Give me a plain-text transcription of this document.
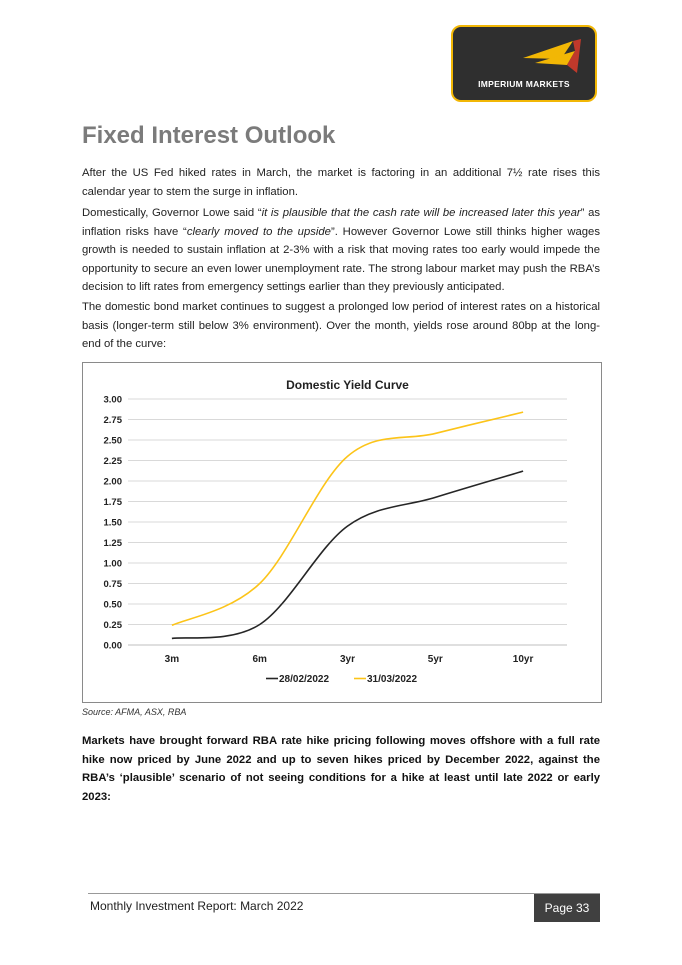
IMPERIUM MARKETS
Fixed Interest Outlook

After the US Fed hiked rates in March, the market is factoring in an additional 7½ rate rises this calendar year to stem the surge in inflation.

Domestically, Governor Lowe said “it is plausible that the cash rate will be increased later this year” as inflation risks have “clearly moved to the upside”. However Governor Lowe still thinks higher wages growth is needed to sustain inflation at 2-3% with a risk that moving rates too early would impede the opportunity to secure an even lower unemployment rate. The strong labour market may push the RBA’s decision to lift rates from emergency settings earlier than they previously anticipated.

The domestic bond market continues to suggest a prolonged low period of interest rates on a historical basis (longer-term still below 3% environment). Over the month, yields rose around 80bp at the long-end of the curve:

Domestic Yield Curve
0.00
0.25
0.50
0.75
1.00
1.25
1.50
1.75
2.00
2.25
2.50
2.75
3.00
3m	6m	3yr	5yr	10yr
28/02/2022	31/03/2022

Source: AFMA, ASX, RBA

Markets have brought forward RBA rate hike pricing following moves offshore with a full rate hike now priced by June 2022 and up to seven hikes priced by December 2022, against the RBA’s ‘plausible’ scenario of not seeing conditions for a hike at least until late 2022 or early 2023:

Monthly Investment Report: March 2022	Page 33
